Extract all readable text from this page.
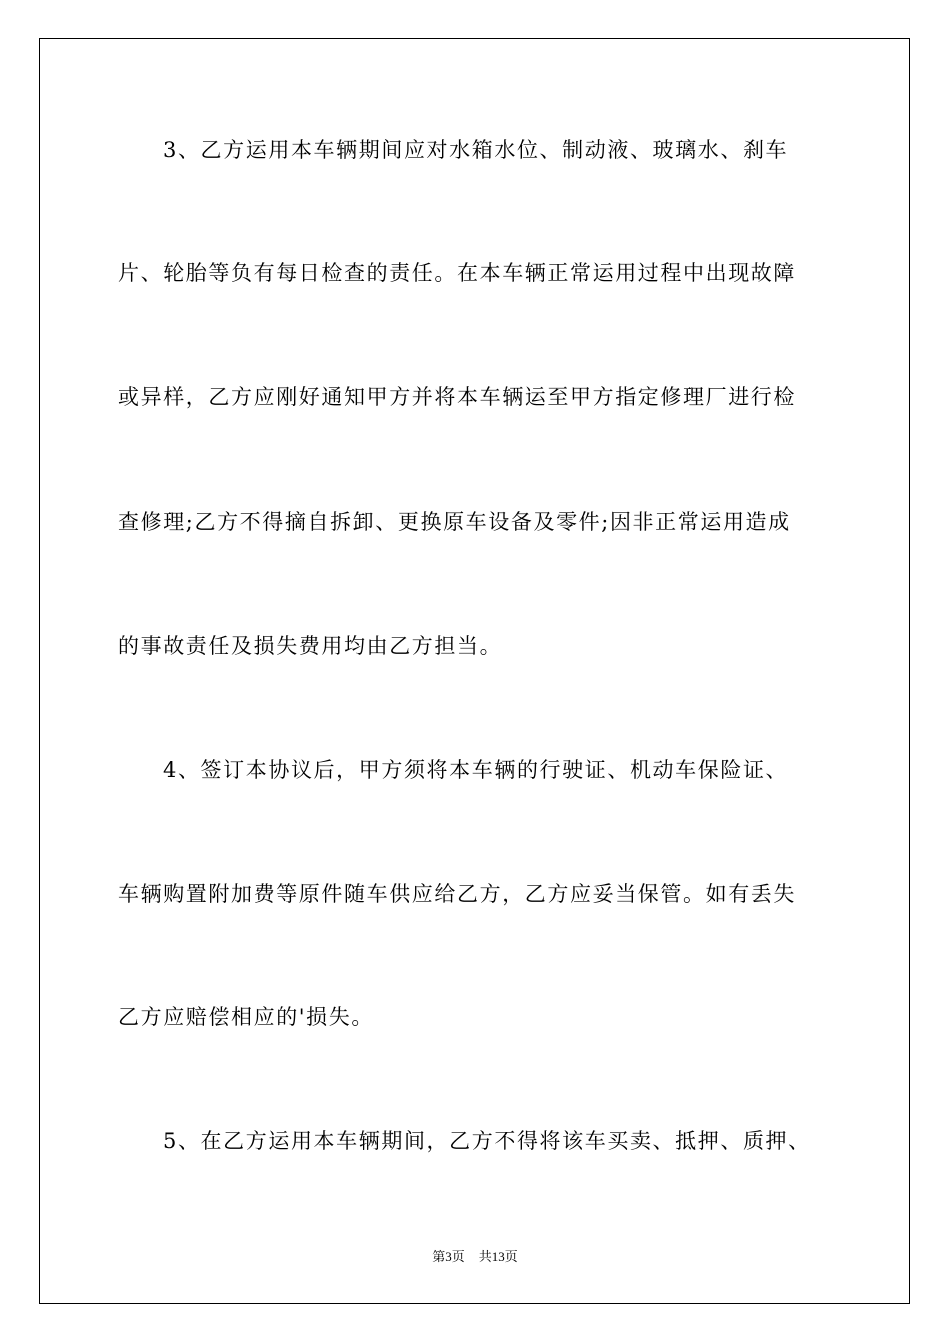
3、乙方运用本车辆期间应对水箱水位、制动液、玻璃水、刹车
片、轮胎等负有每日检查的责任。在本车辆正常运用过程中出现故障
或异样，乙方应刚好通知甲方并将本车辆运至甲方指定修理厂进行检
查修理;乙方不得摘自拆卸、更换原车设备及零件;因非正常运用造成
的事故责任及损失费用均由乙方担当。
4、签订本协议后，甲方须将本车辆的行驶证、机动车保险证、
车辆购置附加费等原件随车供应给乙方，乙方应妥当保管。如有丢失
乙方应赔偿相应的'损失。
5、在乙方运用本车辆期间，乙方不得将该车买卖、抵押、质押、
第3页 共13页
